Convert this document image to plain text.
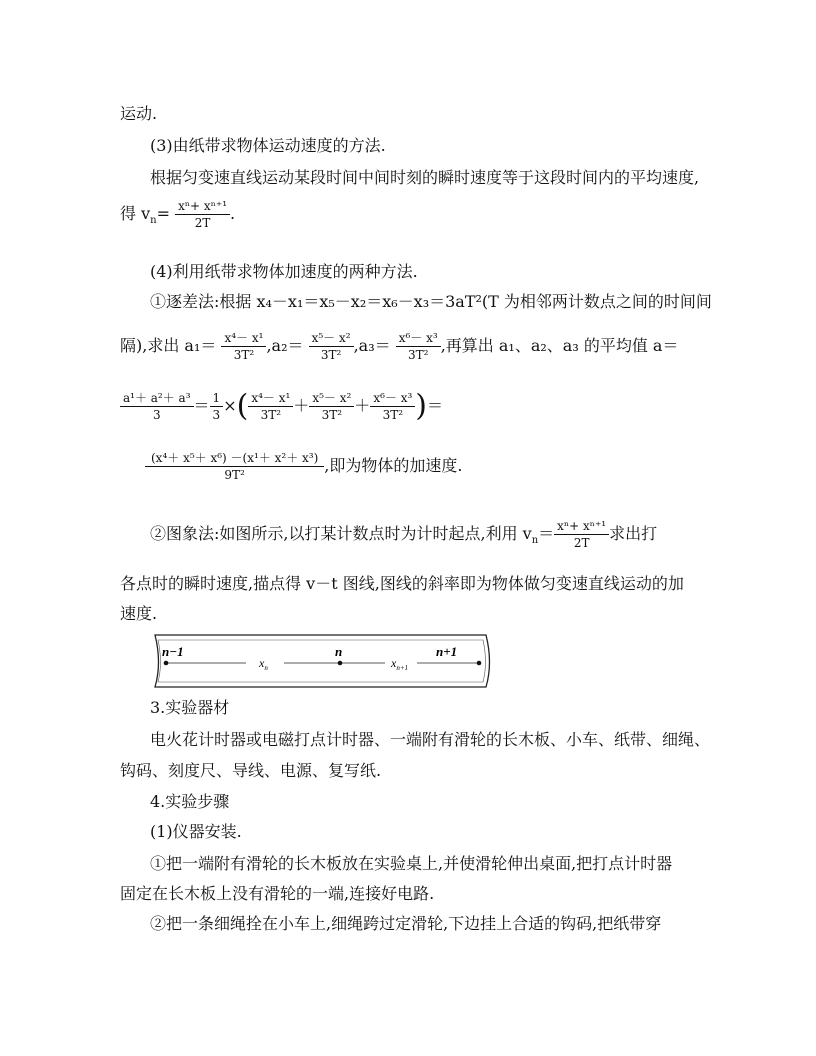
运动.
(3)由纸带求物体运动速度的方法.
根据匀变速直线运动某段时间中间时刻的瞬时速度等于这段时间内的平均速度,
得 $v_n= \frac{\text{xⁿ+ xⁿ⁺¹}}{2T}$ .
(4)利用纸带求物体加速度的两种方法.
①逐差法:根据 x₄－x₁＝x₅－x₂＝x₆－x₃＝3aT²(T 为相邻两计数点之间的时间间
隔),求出 $a_1= \frac{\text{x⁴－ x¹}}{\text{3T²}} ,a_2= \frac{\text{x⁵－ x²}}{\text{3T²}} ,a_3= \frac{\text{x⁶－ x³}}{\text{3T²}}$ ,再算出 a₁、a₂、a₃ 的平均值 a＝
$\frac{\text{a¹＋ a²＋ a³}}{3} = \frac{1}{3}$ ×( $\frac{\text{x⁴－ x¹}}{\text{3T²}} + \frac{\text{x⁵－ x²}}{\text{3T²}} + \frac{\text{x⁶－ x³}}{\text{3T²}}$ )＝
$\frac{\text{(x⁴＋ x⁵＋ x⁶) －(x¹＋ x²＋ x³)}}{\text{9T²}}$ ,即为物体的加速度.
②图象法:如图所示,以打某计数点时为计时起点,利用 $v_n= \frac{\text{xⁿ+ xⁿ⁺¹}}{2T}$ 求出打
各点时的瞬时速度,描点得 v－t 图线,图线的斜率即为物体做匀变速直线运动的加
速度.
n−1	n	n+1
$x_n$	$x_{n+1}$
3.实验器材
电火花计时器或电磁打点计时器、一端附有滑轮的长木板、小车、纸带、细绳、
钩码、刻度尺、导线、电源、复写纸.
4.实验步骤
(1)仪器安装.
①把一端附有滑轮的长木板放在实验桌上,并使滑轮伸出桌面,把打点计时器
固定在长木板上没有滑轮的一端,连接好电路.
②把一条细绳拴在小车上,细绳跨过定滑轮,下边挂上合适的钩码,把纸带穿
